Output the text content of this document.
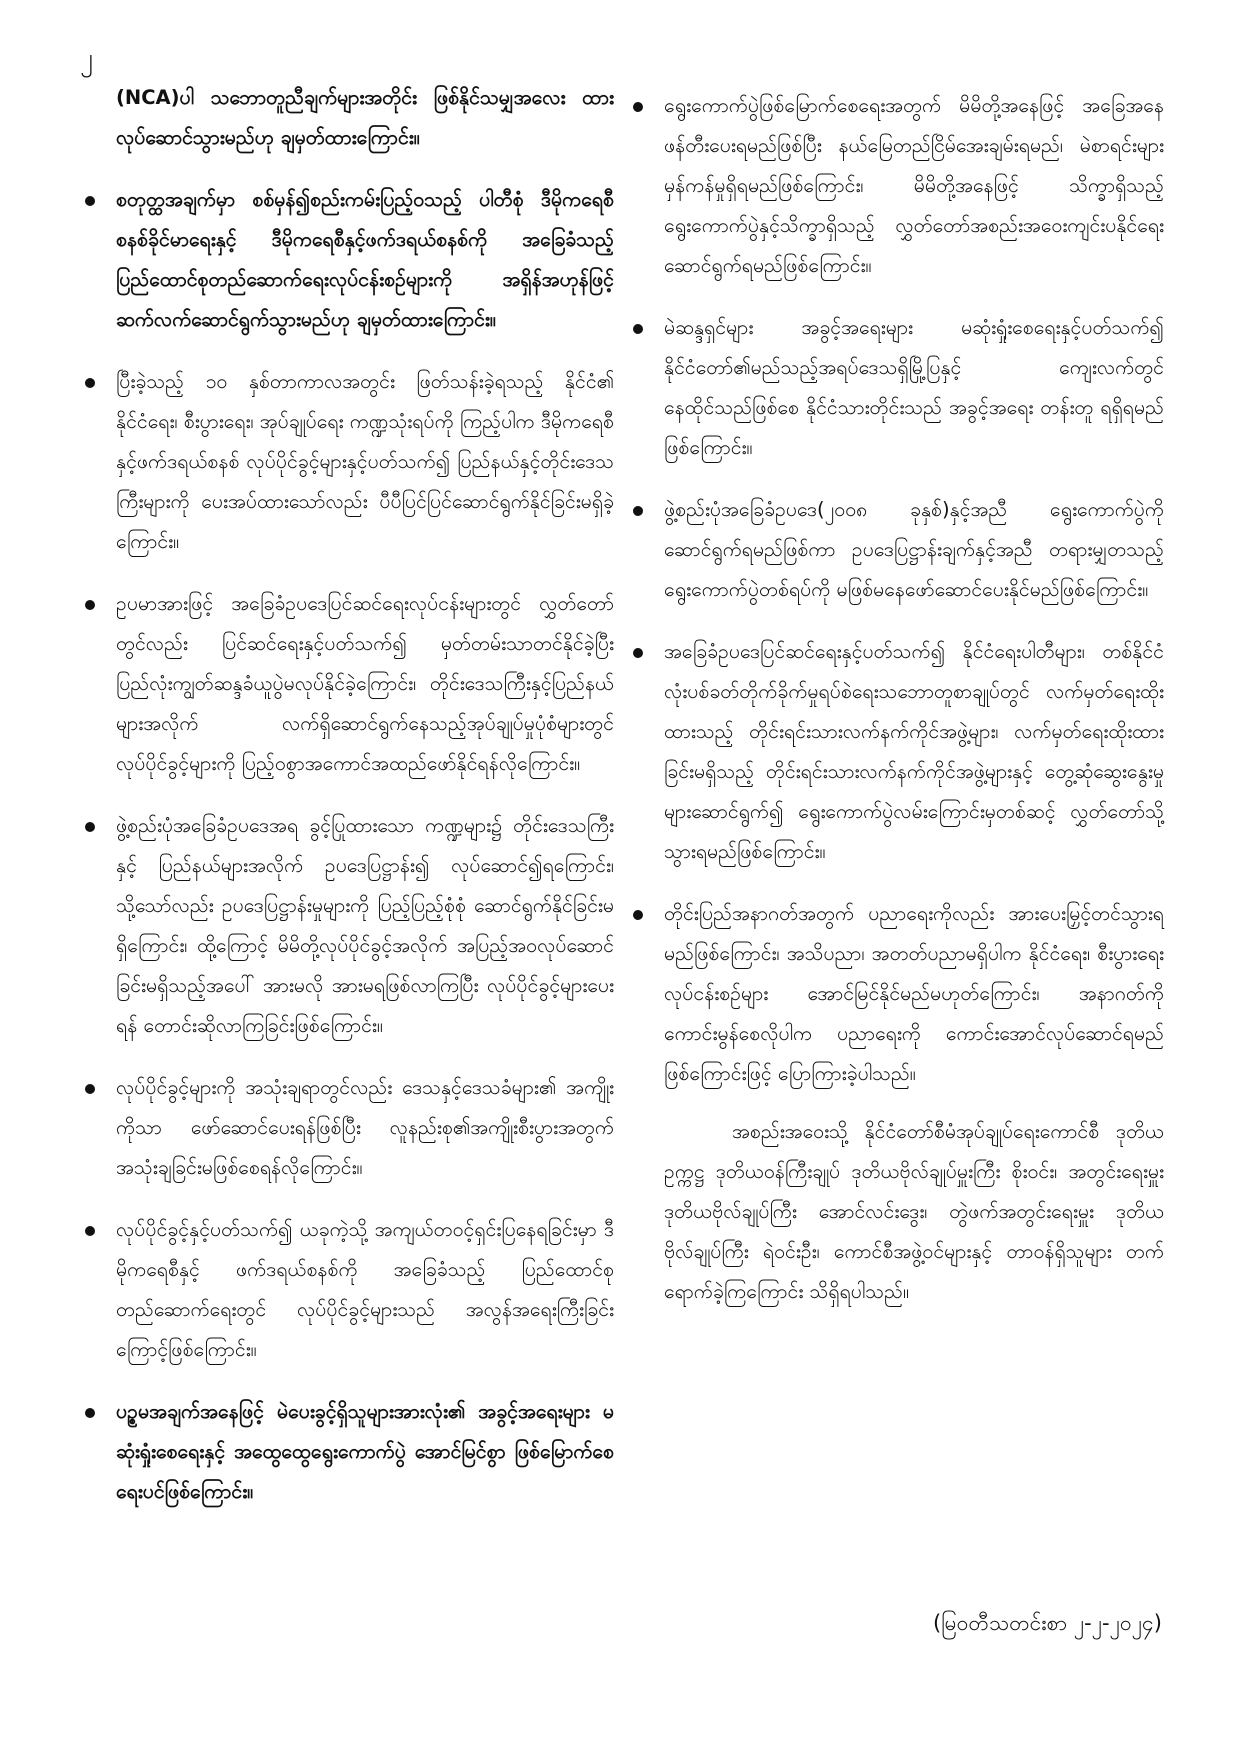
၂

(NCA)ပါ သဘောတူညီချက်များအတိုင်း ဖြစ်နိုင်သမျှအလေး ထားလုပ်ဆောင်သွားမည်ဟု ချမှတ်ထားကြောင်း။

စတုတ္ထအချက်မှာ စစ်မှန်၍စည်းကမ်းပြည့်ဝသည့် ပါတီစုံ ဒီမိုကရေစီစနစ်ခိုင်မာရေးနှင့် ဒီမိုကရေစီနှင့်ဖက်ဒရယ်စနစ်ကို အခြေခံသည့် ပြည်ထောင်စုတည်ဆောက်ရေးလုပ်ငန်းစဉ်များကို အရှိန်အဟုန်ဖြင့် ဆက်လက်ဆောင်ရွက်သွားမည်ဟု ချမှတ်ထားကြောင်း။
ပြီးခဲ့သည့် ၁၀ နှစ်တာကာလအတွင်း ဖြတ်သန်းခဲ့ရသည့် နိုင်ငံ၏ နိုင်ငံရေး၊ စီးပွားရေး၊ အုပ်ချုပ်ရေး ကဏ္ဍသုံးရပ်ကို ကြည့်ပါက ဒီမိုကရေစီနှင့်ဖက်ဒရယ်စနစ် လုပ်ပိုင်ခွင့်များနှင့်ပတ်သက်၍ ပြည်နယ်နှင့်တိုင်းဒေသကြီးများကို ပေးအပ်ထားသော်လည်း ပီပီပြင်ပြင်ဆောင်ရွက်နိုင်ခြင်းမရှိခဲ့ကြောင်း။
ဥပမာအားဖြင့် အခြေခံဥပဒေပြင်ဆင်ရေးလုပ်ငန်းများတွင် လွှတ်တော်တွင်လည်း ပြင်ဆင်ရေးနှင့်ပတ်သက်၍ မှတ်တမ်းသာတင်နိုင်ခဲ့ပြီး ပြည်လုံးကျွတ်ဆန္ဒခံယူပွဲမလုပ်နိုင်ခဲ့ကြောင်း၊ တိုင်းဒေသကြီးနှင့်ပြည်နယ်များအလိုက် လက်ရှိဆောင်ရွက်နေသည့်အုပ်ချုပ်မှုပုံစံများတွင် လုပ်ပိုင်ခွင့်များကို ပြည့်ဝစွာအကောင်အထည်ဖော်နိုင်ရန်လိုကြောင်း။
ဖွဲ့စည်းပုံအခြေခံဥပဒေအရ ခွင့်ပြုထားသော ကဏ္ဍများ၌ တိုင်းဒေသကြီးနှင့် ပြည်နယ်များအလိုက် ဥပဒေပြဋ္ဌာန်း၍ လုပ်ဆောင်၍ရကြောင်း၊ သို့သော်လည်း ဥပဒေပြဋ္ဌာန်းမှုများကို ပြည့်ပြည့်စုံစုံ ဆောင်ရွက်နိုင်ခြင်းမရှိကြောင်း၊ ထို့ကြောင့် မိမိတို့လုပ်ပိုင်ခွင့်အလိုက် အပြည့်အဝလုပ်ဆောင်ခြင်းမရှိသည့်အပေါ် အားမလို အားမရဖြစ်လာကြပြီး လုပ်ပိုင်ခွင့်များပေးရန် တောင်းဆိုလာကြခြင်းဖြစ်ကြောင်း။
လုပ်ပိုင်ခွင့်များကို အသုံးချရာတွင်လည်း ဒေသနှင့်ဒေသခံများ၏ အကျိုးကိုသာ ဖော်ဆောင်ပေးရန်ဖြစ်ပြီး လူနည်းစု၏အကျိုးစီးပွားအတွက် အသုံးချခြင်းမဖြစ်စေရန်လိုကြောင်း။
လုပ်ပိုင်ခွင့်နှင့်ပတ်သက်၍ ယခုကဲ့သို့ အကျယ်တဝင့်ရှင်းပြနေရခြင်းမှာ ဒီမိုကရေစီနှင့် ဖက်ဒရယ်စနစ်ကို အခြေခံသည့် ပြည်ထောင်စုတည်ဆောက်ရေးတွင် လုပ်ပိုင်ခွင့်များသည် အလွန်အရေးကြီးခြင်းကြောင့်ဖြစ်ကြောင်း။
ပဉ္စမအချက်အနေဖြင့် မဲပေးခွင့်ရှိသူများအားလုံး၏ အခွင့်အရေးများ မဆုံးရှုံးစေရေးနှင့် အထွေထွေရွေးကောက်ပွဲ အောင်မြင်စွာ ဖြစ်မြောက်စေရေးပင်ဖြစ်ကြောင်း။
ရွေးကောက်ပွဲဖြစ်မြောက်စေရေးအတွက် မိမိတို့အနေဖြင့် အခြေအနေဖန်တီးပေးရမည်ဖြစ်ပြီး နယ်မြေတည်ငြိမ်အေးချမ်းရမည်၊ မဲစာရင်းများ မှန်ကန်မှုရှိရမည်ဖြစ်ကြောင်း၊ မိမိတို့အနေဖြင့် သိက္ခာရှိသည့်ရွေးကောက်ပွဲနှင့်သိက္ခာရှိသည့် လွှတ်တော်အစည်းအဝေးကျင်းပနိုင်ရေး ဆောင်ရွက်ရမည်ဖြစ်ကြောင်း။
မဲဆန္ဒရှင်များ အခွင့်အရေးများ မဆုံးရှုံးစေရေးနှင့်ပတ်သက်၍ နိုင်ငံတော်၏မည်သည့်အရပ်ဒေသရှိမြို့ပြနှင့် ကျေးလက်တွင် နေထိုင်သည်ဖြစ်စေ နိုင်ငံသားတိုင်းသည် အခွင့်အရေး တန်းတူ ရရှိရမည်ဖြစ်ကြောင်း။
ဖွဲ့စည်းပုံအခြေခံဥပဒေ(၂၀၀၈ ခုနှစ်)နှင့်အညီ ရွေးကောက်ပွဲကို ဆောင်ရွက်ရမည်ဖြစ်ကာ ဥပဒေပြဋ္ဌာန်းချက်နှင့်အညီ တရားမျှတသည့် ရွေးကောက်ပွဲတစ်ရပ်ကို မဖြစ်မနေဖော်ဆောင်ပေးနိုင်မည်ဖြစ်ကြောင်း။
အခြေခံဥပဒေပြင်ဆင်ရေးနှင့်ပတ်သက်၍ နိုင်ငံရေးပါတီများ၊ တစ်နိုင်ငံလုံးပစ်ခတ်တိုက်ခိုက်မှုရပ်စဲရေးသဘောတူစာချုပ်တွင် လက်မှတ်ရေးထိုးထားသည့် တိုင်းရင်းသားလက်နက်ကိုင်အဖွဲ့များ၊ လက်မှတ်ရေးထိုးထားခြင်းမရှိသည့် တိုင်းရင်းသားလက်နက်ကိုင်အဖွဲ့များနှင့် တွေ့ဆုံဆွေးနွေးမှုများဆောင်ရွက်၍ ရွေးကောက်ပွဲလမ်းကြောင်းမှတစ်ဆင့် လွှတ်တော်သို့ သွားရမည်ဖြစ်ကြောင်း။
တိုင်းပြည်အနာဂတ်အတွက် ပညာရေးကိုလည်း အားပေးမြှင့်တင်သွားရမည်ဖြစ်ကြောင်း၊ အသိပညာ၊ အတတ်ပညာမရှိပါက နိုင်ငံရေး၊ စီးပွားရေးလုပ်ငန်းစဉ်များ အောင်မြင်နိုင်မည်မဟုတ်ကြောင်း၊ အနာဂတ်ကို ကောင်းမွန်စေလိုပါက ပညာရေးကို ကောင်းအောင်လုပ်ဆောင်ရမည်ဖြစ်ကြောင်းဖြင့် ပြောကြားခဲ့ပါသည်။

အစည်းအဝေးသို့ နိုင်ငံတော်စီမံအုပ်ချုပ်ရေးကောင်စီ ဒုတိယဥက္ကဋ္ဌ ဒုတိယဝန်ကြီးချုပ် ဒုတိယဗိုလ်ချုပ်မှူးကြီး စိုးဝင်း၊ အတွင်းရေးမှူး ဒုတိယဗိုလ်ချုပ်ကြီး အောင်လင်းဒွေး၊ တွဲဖက်အတွင်းရေးမှူး ဒုတိယဗိုလ်ချုပ်ကြီး ရဲဝင်းဦး၊ ကောင်စီအဖွဲ့ဝင်များနှင့် တာဝန်ရှိသူများ တက်ရောက်ခဲ့ကြကြောင်း သိရှိရပါသည်။

(မြဝတီသတင်းစာ ၂-၂-၂၀၂၄)
